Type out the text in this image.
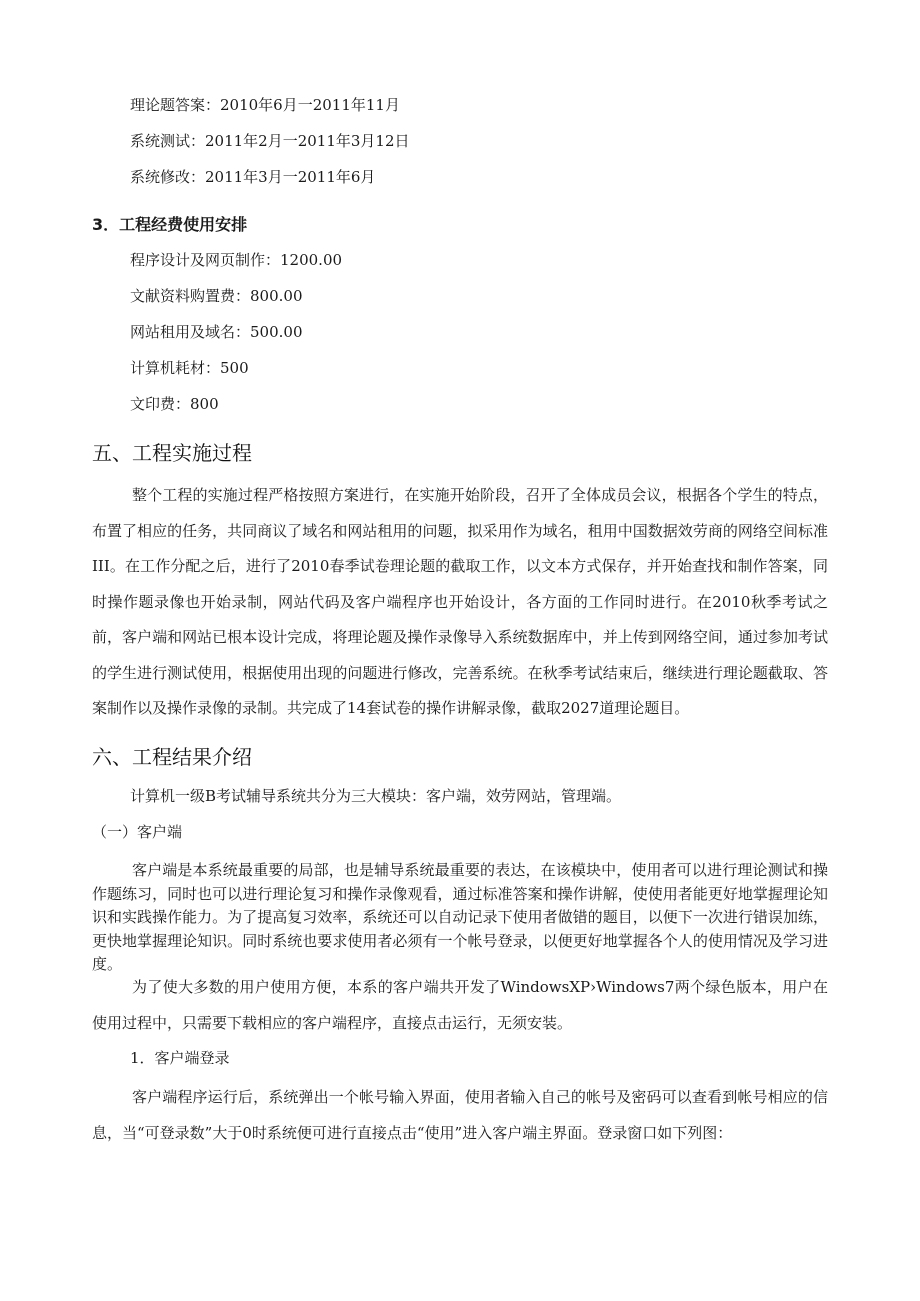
理论题答案：2010年6月一2011年11月
系统测试：2011年2月一2011年3月12日
系统修改：2011年3月一2011年6月
3．工程经费使用安排
程序设计及网页制作：1200.00
文献资料购置费：800.00
网站租用及域名：500.00
计算机耗材：500
文印费：800
五、工程实施过程
整个工程的实施过程严格按照方案进行，在实施开始阶段，召开了全体成员会议，根据各个学生的特点，布置了相应的任务，共同商议了域名和网站租用的问题，拟采用作为域名，租用中国数据效劳商的网络空间标准III。在工作分配之后，进行了2010春季试卷理论题的截取工作，以文本方式保存，并开始查找和制作答案，同时操作题录像也开始录制，网站代码及客户端程序也开始设计，各方面的工作同时进行。在2010秋季考试之前，客户端和网站已根本设计完成，将理论题及操作录像导入系统数据库中，并上传到网络空间，通过参加考试的学生进行测试使用，根据使用出现的问题进行修改，完善系统。在秋季考试结束后，继续进行理论题截取、答案制作以及操作录像的录制。共完成了14套试卷的操作讲解录像，截取2027道理论题目。
六、工程结果介绍
计算机一级B考试辅导系统共分为三大模块：客户端，效劳网站，管理端。
（一）客户端
客户端是本系统最重要的局部，也是辅导系统最重要的表达，在该模块中，使用者可以进行理论测试和操作题练习，同时也可以进行理论复习和操作录像观看，通过标准答案和操作讲解，使使用者能更好地掌握理论知识和实践操作能力。为了提高复习效率，系统还可以自动记录下使用者做错的题目，以便下一次进行错误加练，更快地掌握理论知识。同时系统也要求使用者必须有一个帐号登录，以便更好地掌握各个人的使用情况及学习进度。
为了使大多数的用户使用方便，本系的客户端共开发了WindowsXP›Windows7两个绿色版本，用户在使用过程中，只需要下载相应的客户端程序，直接点击运行，无须安装。
1．客户端登录
客户端程序运行后，系统弹出一个帐号输入界面，使用者输入自己的帐号及密码可以查看到帐号相应的信息，当“可登录数”大于0时系统便可进行直接点击“使用”进入客户端主界面。登录窗口如下列图：
